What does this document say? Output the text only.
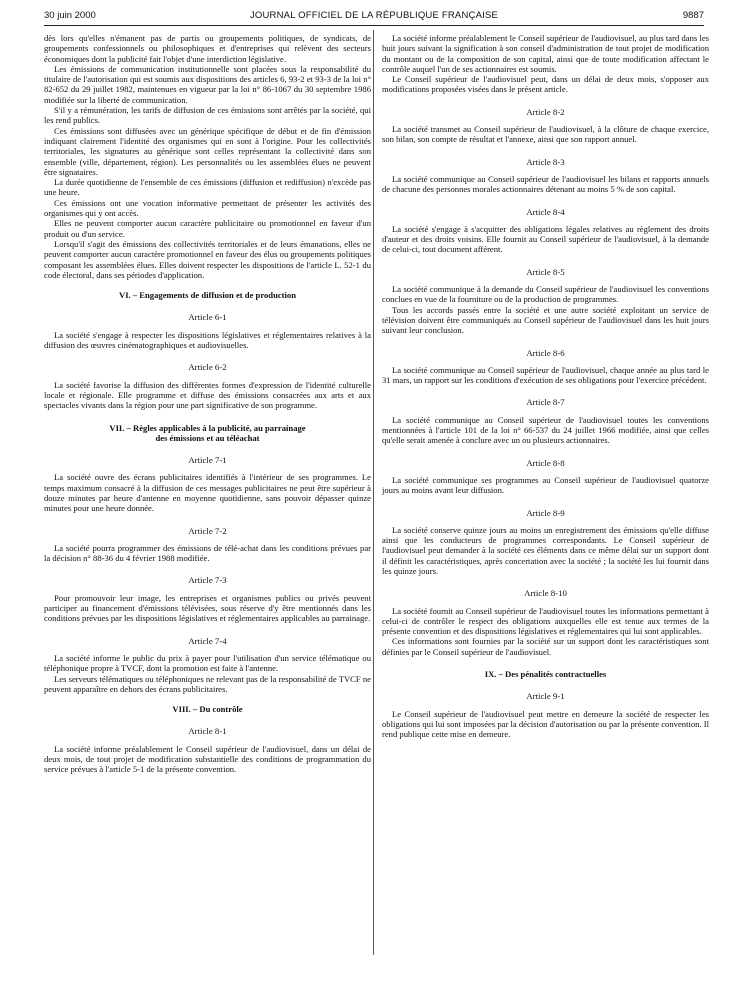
30 juin 2000	JOURNAL OFFICIEL DE LA RÉPUBLIQUE FRANÇAISE	9887

dès lors qu'elles n'émanent pas de partis ou groupements politiques, de syndicats, de groupements confessionnels ou philosophiques et d'entreprises qui relèvent des secteurs économiques dont la publicité fait l'objet d'une interdiction législative.

Les émissions de communication institutionnelle sont placées sous la responsabilité du titulaire de l'autorisation qui est soumis aux dispositions des articles 6, 93-2 et 93-3 de la loi n° 82-652 du 29 juillet 1982, maintenues en vigueur par la loi n° 86-1067 du 30 septembre 1986 modifiée sur la liberté de communication.

S'il y a rémunération, les tarifs de diffusion de ces émissions sont arrêtés par la société, qui les rend publics.

Ces émissions sont diffusées avec un générique spécifique de début et de fin d'émission indiquant clairement l'identité des organismes qui en sont à l'origine. Pour les collectivités territoriales, les signatures au générique sont celles représentant la collectivité dans son ensemble (ville, département, région). Les personnalités ou les assemblées élues ne peuvent être signataires.

La durée quotidienne de l'ensemble de ces émissions (diffusion et rediffusion) n'excède pas une heure.

Ces émissions ont une vocation informative permettant de présenter les activités des organismes qui y ont accès.

Elles ne peuvent comporter aucun caractère publicitaire ou promotionnel en faveur d'un produit ou d'un service.

Lorsqu'il s'agit des émissions des collectivités territoriales et de leurs émanations, elles ne peuvent comporter aucun caractère promotionnel en faveur des élus ou groupements politiques composant les assemblées élues. Elles doivent respecter les dispositions de l'article L. 52-1 du code électoral, dans ses périodes d'application.

VI. – Engagements de diffusion et de production
Article 6-1

La société s'engage à respecter les dispositions législatives et réglementaires relatives à la diffusion des œuvres cinématographiques et audiovisuelles.

Article 6-2

La société favorise la diffusion des différentes formes d'expression de l'identité culturelle locale et régionale. Elle programme et diffuse des émissions consacrées aux arts et aux spectacles vivants dans la région pour une part significative de son programme.

VII. – Règles applicables à la publicité, au parrainage
des émissions et au téléachat
Article 7-1

La société ouvre des écrans publicitaires identifiés à l'intérieur de ses programmes. Le temps maximum consacré à la diffusion de ces messages publicitaires ne peut être supérieur à douze minutes par heure d'antenne en moyenne quotidienne, sans pouvoir dépasser quinze minutes pour une heure donnée.

Article 7-2

La société pourra programmer des émissions de télé-achat dans les conditions prévues par la décision n° 88-36 du 4 février 1988 modifiée.

Article 7-3

Pour promouvoir leur image, les entreprises et organismes publics ou privés peuvent participer au financement d'émissions télévisées, sous réserve d'y être mentionnés dans les conditions prévues par les dispositions législatives et réglementaires applicables au parrainage.

Article 7-4

La société informe le public du prix à payer pour l'utilisation d'un service télématique ou téléphonique propre à TVCF, dont la promotion est faite à l'antenne.

Les serveurs télématiques ou téléphoniques ne relevant pas de la responsabilité de TVCF ne peuvent apparaître en dehors des écrans publicitaires.

VIII. – Du contrôle
Article 8-1

La société informe préalablement le Conseil supérieur de l'audiovisuel, dans un délai de deux mois, de tout projet de modification substantielle des conditions de programmation du service prévues à l'article 5-1 de la présente convention.

La société informe préalablement le Conseil supérieur de l'audiovisuel, au plus tard dans les huit jours suivant la signification à son conseil d'administration de tout projet de modification du montant ou de la composition de son capital, ainsi que de toute modification affectant le contrôle auquel l'un de ses actionnaires est soumis.

Le Conseil supérieur de l'audiovisuel peut, dans un délai de deux mois, s'opposer aux modifications proposées visées dans le présent article.

Article 8-2

La société transmet au Conseil supérieur de l'audiovisuel, à la clôture de chaque exercice, son bilan, son compte de résultat et l'annexe, ainsi que son rapport annuel.

Article 8-3

La société communique au Conseil supérieur de l'audiovisuel les bilans et rapports annuels de chacune des personnes morales actionnaires détenant au moins 5 % de son capital.

Article 8-4

La société s'engage à s'acquitter des obligations légales relatives au règlement des droits d'auteur et des droits voisins. Elle fournit au Conseil supérieur de l'audiovisuel, à la demande de celui-ci, tout document afférent.

Article 8-5

La société communique à la demande du Conseil supérieur de l'audiovisuel les conventions conclues en vue de la fourniture ou de la production de programmes.

Tous les accords passés entre la société et une autre société exploitant un service de télévision doivent être communiqués au Conseil supérieur de l'audiovisuel dans les huit jours suivant leur conclusion.

Article 8-6

La société communique au Conseil supérieur de l'audiovisuel, chaque année au plus tard le 31 mars, un rapport sur les conditions d'exécution de ses obligations pour l'exercice précédent.

Article 8-7

La société communique au Conseil supérieur de l'audiovisuel toutes les conventions mentionnées à l'article 101 de la loi n° 66-537 du 24 juillet 1966 modifiée, ainsi que celles qu'elle serait amenée à conclure avec un ou plusieurs actionnaires.

Article 8-8

La société communique ses programmes au Conseil supérieur de l'audiovisuel quatorze jours au moins avant leur diffusion.

Article 8-9

La société conserve quinze jours au moins un enregistrement des émissions qu'elle diffuse ainsi que les conducteurs de programmes correspondants. Le Conseil supérieur de l'audiovisuel peut demander à la société ces éléments dans ce même délai sur un support dont il définit les caractéristiques, après concertation avec la société ; la société les lui fournit dans les quinze jours.

Article 8-10

La société fournit au Conseil supérieur de l'audiovisuel toutes les informations permettant à celui-ci de contrôler le respect des obligations auxquelles elle est tenue aux termes de la présente convention et des dispositions législatives et réglementaires qui lui sont applicables.

Ces informations sont fournies par la société sur un support dont les caractéristiques sont définies par le Conseil supérieur de l'audiovisuel.

IX. – Des pénalités contractuelles
Article 9-1

Le Conseil supérieur de l'audiovisuel peut mettre en demeure la société de respecter les obligations qui lui sont imposées par la décision d'autorisation ou par la présente convention. Il rend publique cette mise en demeure.
